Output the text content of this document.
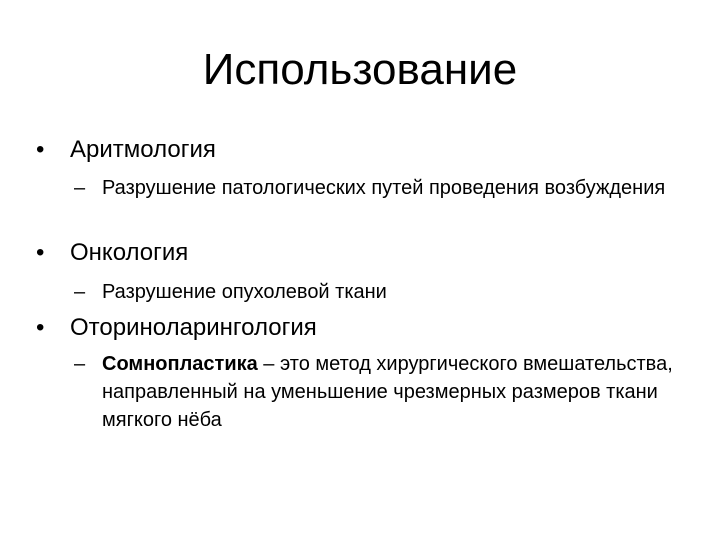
Использование
• Аритмология
– Разрушение патологических путей проведения возбуждения
• Онкология
– Разрушение опухолевой ткани
• Оториноларингология
– Сомнопластика – это метод хирургического вмешательства, направленный на уменьшение чрезмерных размеров ткани мягкого нёба
